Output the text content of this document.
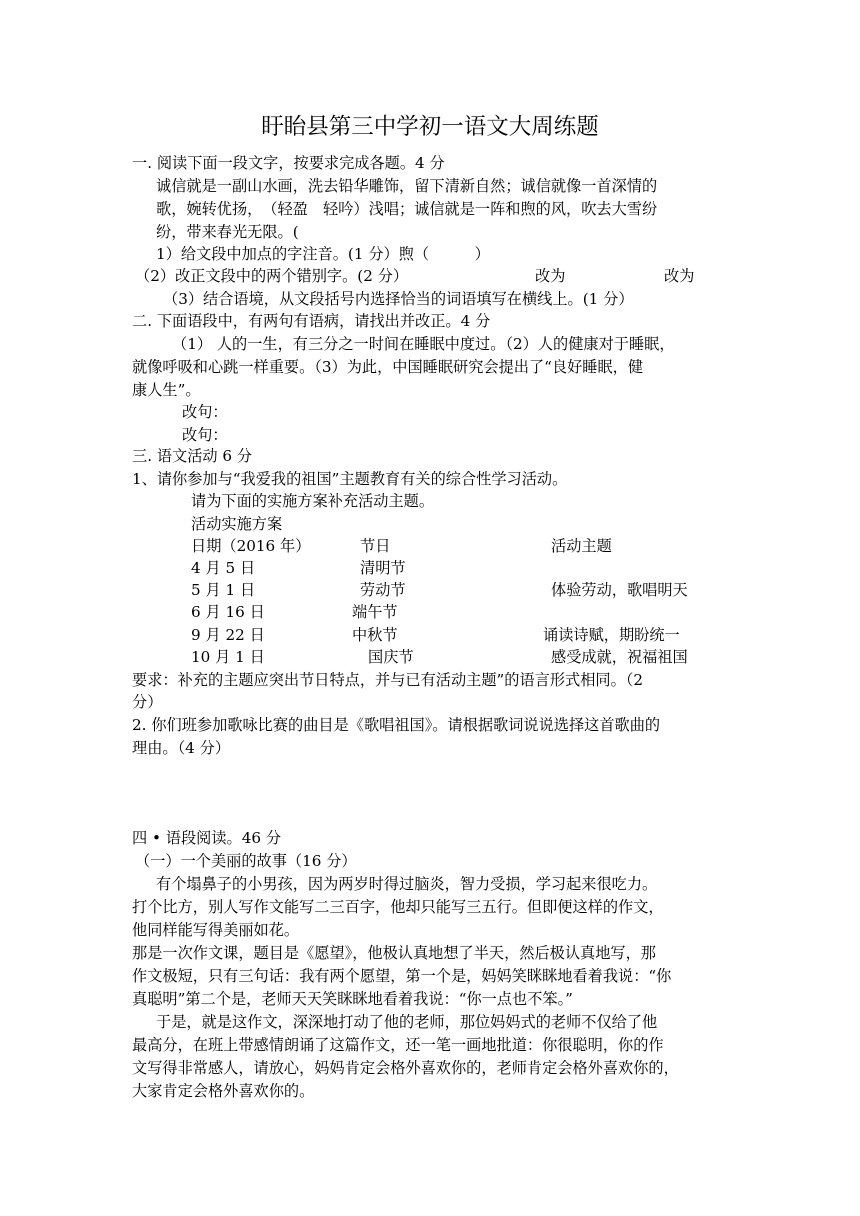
盱眙县第三中学初一语文大周练题
一. 阅读下面一段文字，按要求完成各题。4 分
诚信就是一副山水画，洗去铅华雕饰，留下清新自然；诚信就像一首深情的
歌，婉转优扬，　（轻盈　轻吟）浅唱；诚信就是一阵和煦的风，吹去大雪纷
纷，带来春光无限。(
1）给文段中加点的字注音。(1 分）煦（　　　）
（2）改正文段中的两个错别字。(2 分）	改为	改为
（3）结合语境，从文段括号内选择恰当的词语填写在横线上。(1 分）
二. 下面语段中，有两句有语病，请找出并改正。4 分
（1） 人的一生，有三分之一时间在睡眠中度过。（2）人的健康对于睡眠，
就像呼吸和心跳一样重要。（3）为此，中国睡眠研究会提出了“良好睡眠，健
康人生”。
改句：
改句：
三. 语文活动 6 分
1、请你参加与“我爱我的祖国”主题教育有关的综合性学习活动。
请为下面的实施方案补充活动主题。
活动实施方案
日期（2016 年）	节日	活动主题
4 月 5 日	清明节
5 月 1 日	劳动节	体验劳动，歌唱明天
6 月 16 日	端午节
9 月 22 日	中秋节	诵读诗赋，期盼统一
10 月 1 日	国庆节	感受成就，祝福祖国
要求：补充的主题应突出节日特点，并与已有活动主题”的语言形式相同。（2
分）
2. 你们班参加歌咏比赛的曲目是《歌唱祖国》。请根据歌词说说选择这首歌曲的
理由。（4 分）
四 • 语段阅读。46 分
（一）一个美丽的故事（16 分）
有个塌鼻子的小男孩，因为两岁时得过脑炎，智力受损，学习起来很吃力。
打个比方，别人写作文能写二三百字，他却只能写三五行。但即便这样的作文，
他同样能写得美丽如花。
那是一次作文课，题目是《愿望》，他极认真地想了半天，然后极认真地写，那
作文极短，只有三句话：我有两个愿望，第一个是，妈妈笑眯眯地看着我说：“你
真聪明”第二个是，老师天天笑眯眯地看着我说：“你一点也不笨。”
于是，就是这作文，深深地打动了他的老师，那位妈妈式的老师不仅给了他
最高分，在班上带感情朗诵了这篇作文，还一笔一画地批道：你很聪明，你的作
文写得非常感人，请放心，妈妈肯定会格外喜欢你的，老师肯定会格外喜欢你的，
大家肯定会格外喜欢你的。
